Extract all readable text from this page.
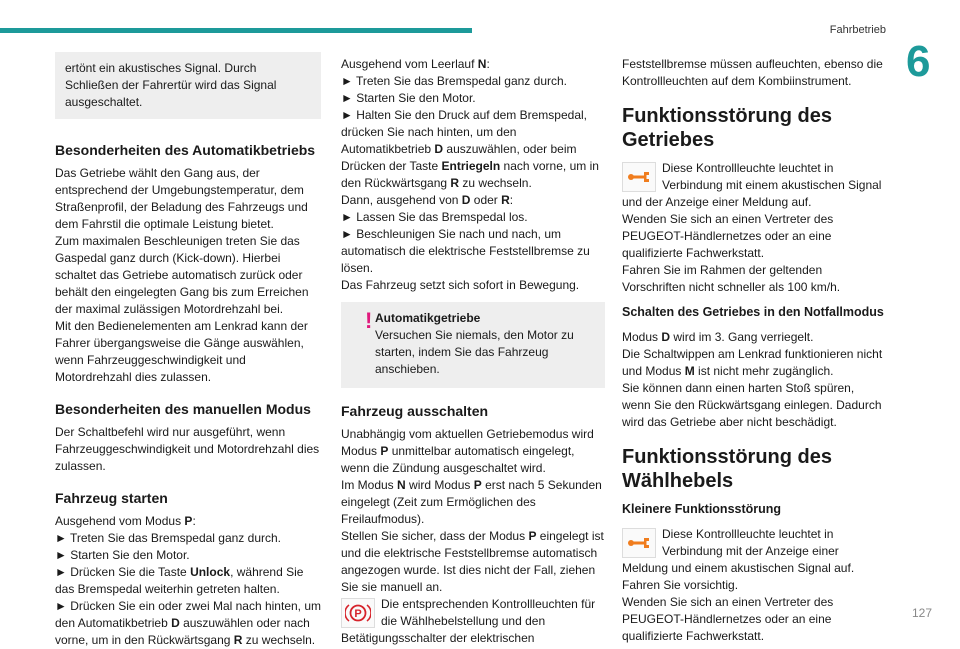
Fahrbetrieb
6
127

ertönt ein akustisches Signal. Durch Schließen der Fahrertür wird das Signal ausgeschaltet.

Besonderheiten des Automatikbetriebs

Das Getriebe wählt den Gang aus, der entsprechend der Umgebungstemperatur, dem Straßenprofil, der Beladung des Fahrzeugs und dem Fahrstil die optimale Leistung bietet.

Zum maximalen Beschleunigen treten Sie das Gaspedal ganz durch (Kick-down). Hierbei schaltet das Getriebe automatisch zurück oder behält den eingelegten Gang bis zum Erreichen der maximal zulässigen Motordrehzahl bei.

Mit den Bedienelementen am Lenkrad kann der Fahrer übergangsweise die Gänge auswählen, wenn Fahrzeuggeschwindigkeit und Motordrehzahl dies zulassen.

Besonderheiten des manuellen Modus

Der Schaltbefehl wird nur ausgeführt, wenn Fahrzeuggeschwindigkeit und Motordrehzahl dies zulassen.

Fahrzeug starten

Ausgehend vom Modus P:

► Treten Sie das Bremspedal ganz durch.

► Starten Sie den Motor.

► Drücken Sie die Taste Unlock, während Sie das Bremspedal weiterhin getreten halten.

► Drücken Sie ein oder zwei Mal nach hinten, um den Automatikbetrieb D auszuwählen oder nach vorne, um in den Rückwärtsgang R zu wechseln.

Ausgehend vom Leerlauf N:

► Treten Sie das Bremspedal ganz durch.

► Starten Sie den Motor.

► Halten Sie den Druck auf dem Bremspedal, drücken Sie nach hinten, um den Automatikbetrieb D auszuwählen, oder beim Drücken der Taste Entriegeln nach vorne, um in den Rückwärtsgang R zu wechseln.

Dann, ausgehend von D oder R:

► Lassen Sie das Bremspedal los.

► Beschleunigen Sie nach und nach, um automatisch die elektrische Feststellbremse zu lösen.

Das Fahrzeug setzt sich sofort in Bewegung.

! Automatikgetriebe

Versuchen Sie niemals, den Motor zu starten, indem Sie das Fahrzeug anschieben.

Fahrzeug ausschalten

Unabhängig vom aktuellen Getriebemodus wird Modus P unmittelbar automatisch eingelegt, wenn die Zündung ausgeschaltet wird.

Im Modus N wird Modus P erst nach 5 Sekunden eingelegt (Zeit zum Ermöglichen des Freilaufmodus).

Stellen Sie sicher, dass der Modus P eingelegt ist und die elektrische Feststellbremse automatisch angezogen wurde. Ist dies nicht der Fall, ziehen Sie sie manuell an.

P

Die entsprechenden Kontrollleuchten für die Wählhebelstellung und den Betätigungsschalter der elektrischen

Feststellbremse müssen aufleuchten, ebenso die Kontrollleuchten auf dem Kombiinstrument.

Funktionsstörung des Getriebes

Diese Kontrollleuchte leuchtet in Verbindung mit einem akustischen Signal und der Anzeige einer Meldung auf.

Wenden Sie sich an einen Vertreter des PEUGEOT-Händlernetzes oder an eine qualifizierte Fachwerkstatt.

Fahren Sie im Rahmen der geltenden Vorschriften nicht schneller als 100 km/h.

Schalten des Getriebes in den Notfallmodus

Modus D wird im 3. Gang verriegelt.

Die Schaltwippen am Lenkrad funktionieren nicht und Modus M ist nicht mehr zugänglich.

Sie können dann einen harten Stoß spüren, wenn Sie den Rückwärtsgang einlegen. Dadurch wird das Getriebe aber nicht beschädigt.

Funktionsstörung des Wählhebels

Kleinere Funktionsstörung

Diese Kontrollleuchte leuchtet in Verbindung mit der Anzeige einer Meldung und einem akustischen Signal auf.

Fahren Sie vorsichtig.

Wenden Sie sich an einen Vertreter des PEUGEOT-Händlernetzes oder an eine qualifizierte Fachwerkstatt.
